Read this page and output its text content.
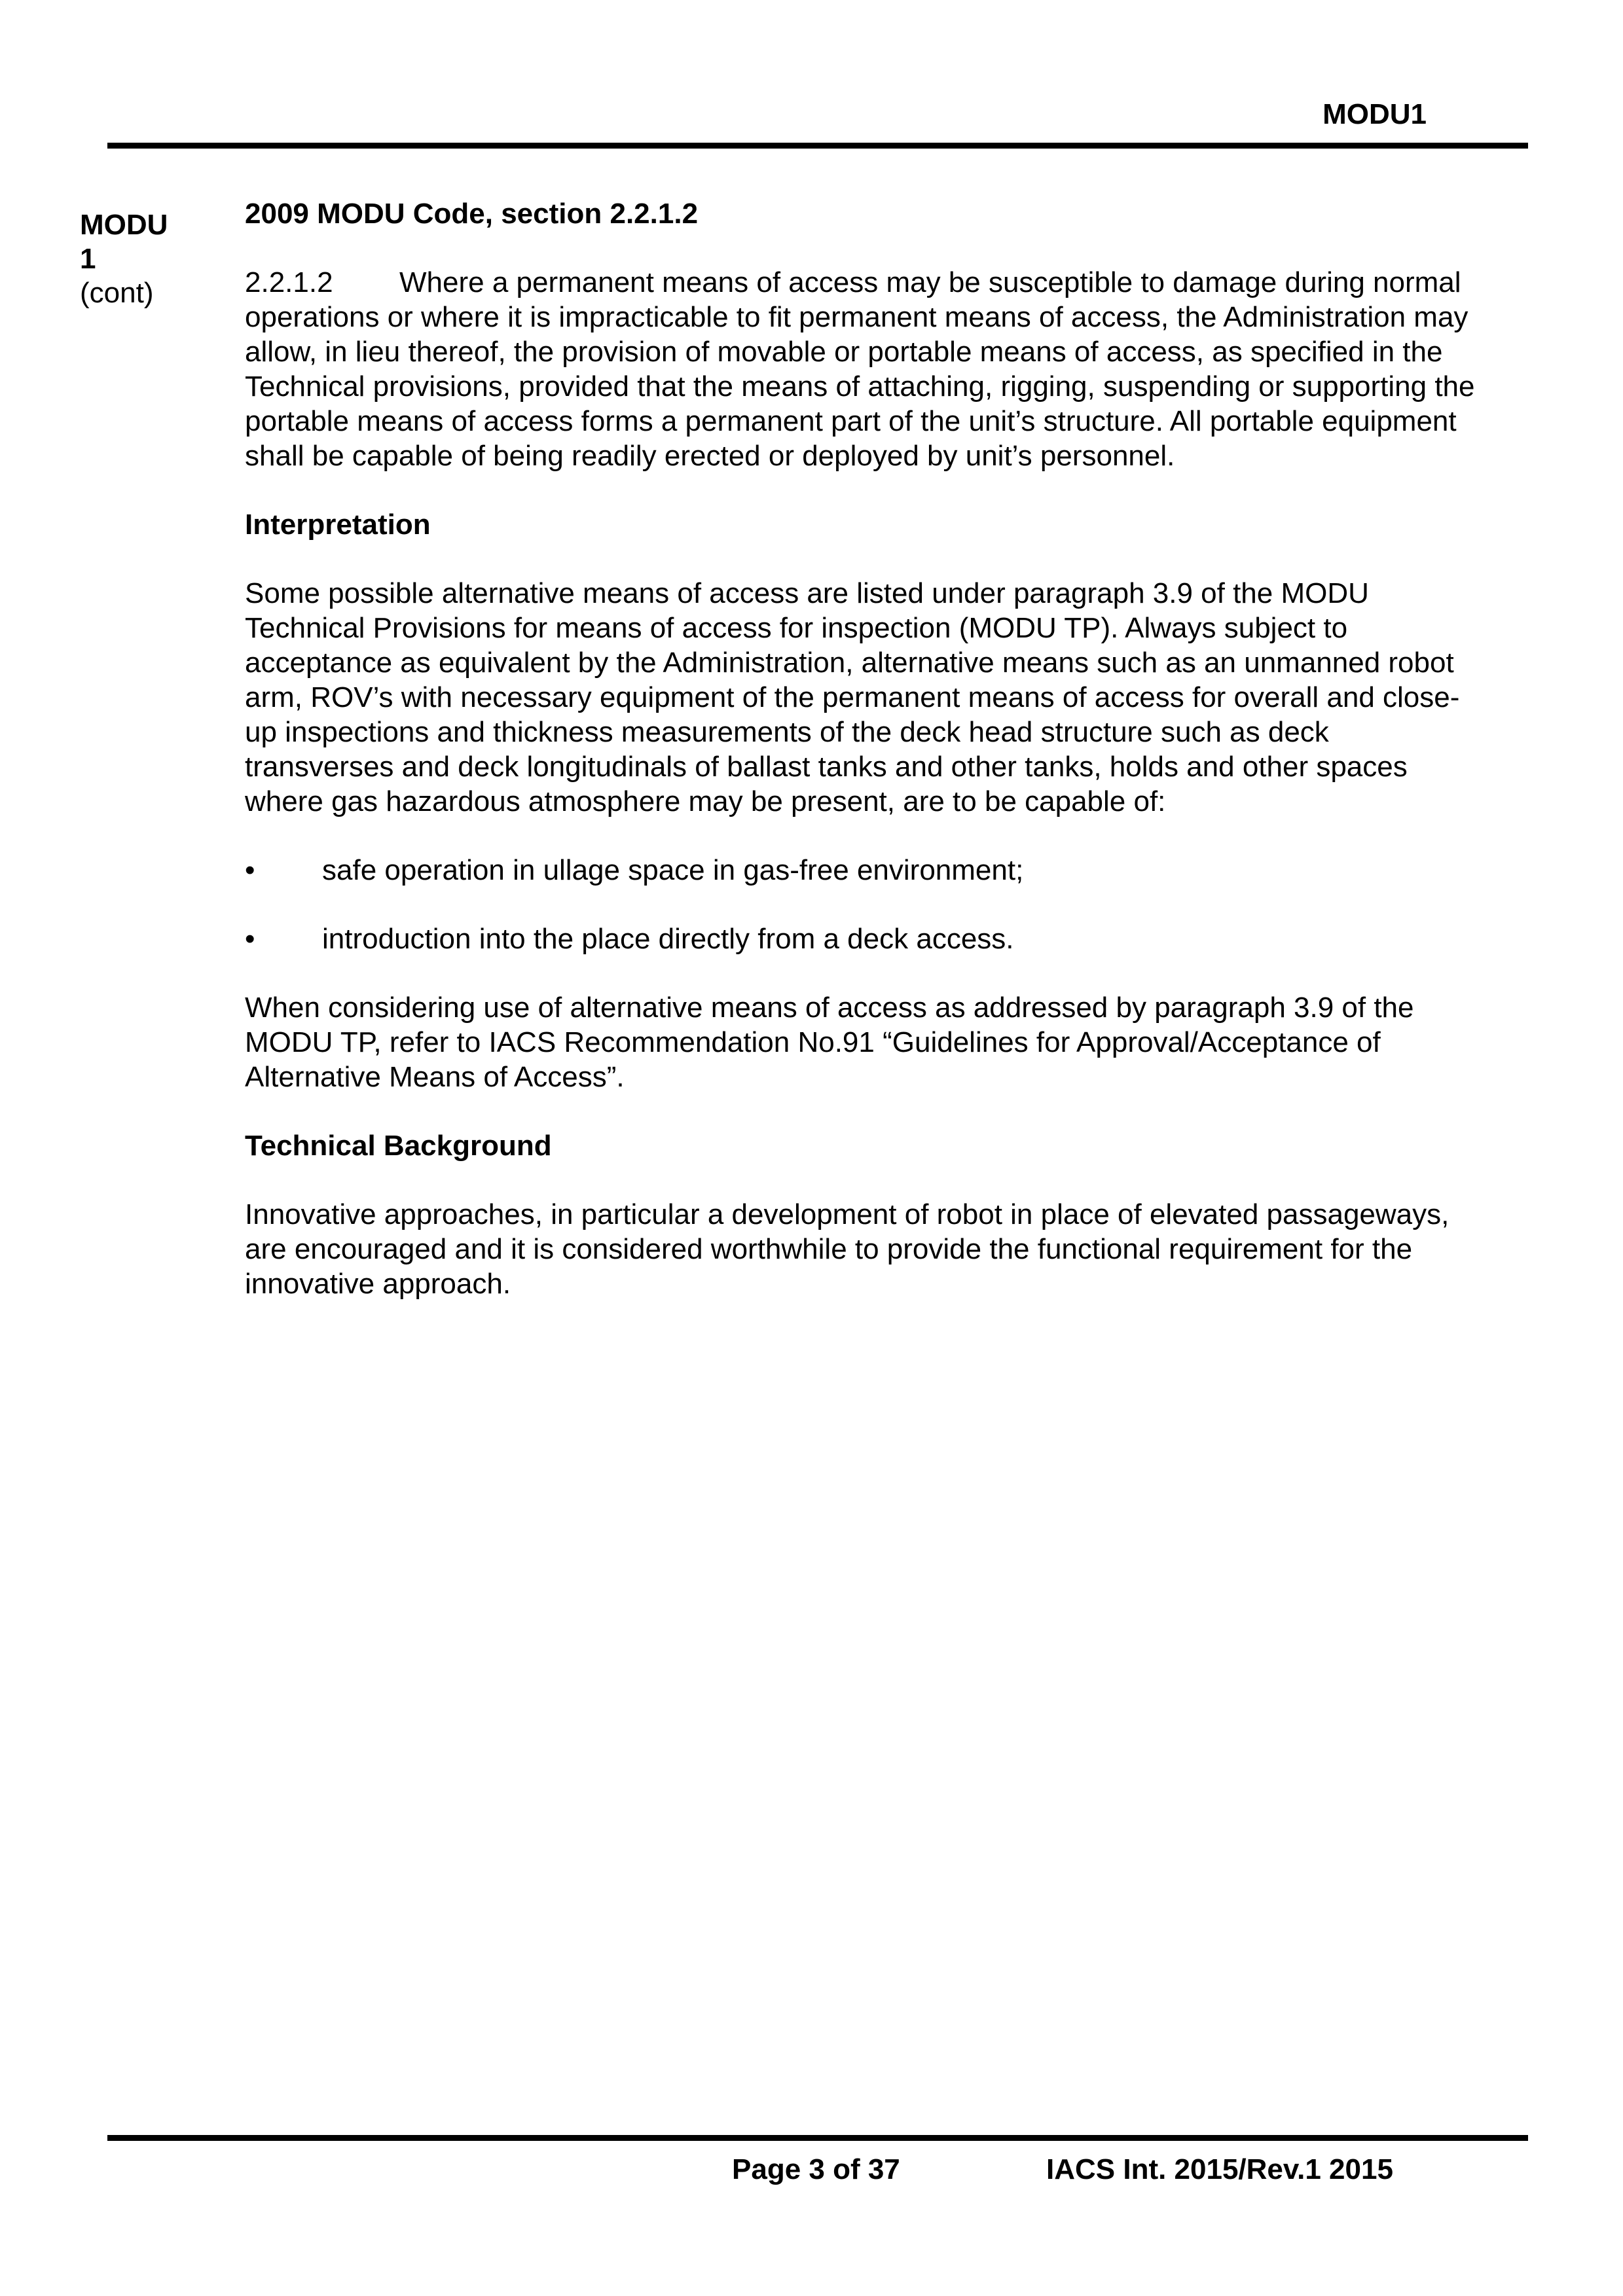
MODU1
MODU
1
(cont)

2009 MODU Code, section 2.2.1.2

2.2.1.2 Where a permanent means of access may be susceptible to damage during normal operations or where it is impracticable to fit permanent means of access, the Administration may allow, in lieu thereof, the provision of movable or portable means of access, as specified in the Technical provisions, provided that the means of attaching, rigging, suspending or supporting the portable means of access forms a permanent part of the unit’s structure. All portable equipment shall be capable of being readily erected or deployed by unit’s personnel.

Interpretation

Some possible alternative means of access are listed under paragraph 3.9 of the MODU Technical Provisions for means of access for inspection (MODU TP). Always subject to acceptance as equivalent by the Administration, alternative means such as an unmanned robot arm, ROV’s with necessary equipment of the permanent means of access for overall and close-up inspections and thickness measurements of the deck head structure such as deck transverses and deck longitudinals of ballast tanks and other tanks, holds and other spaces where gas hazardous atmosphere may be present, are to be capable of:

•	safe operation in ullage space in gas-free environment;
•	introduction into the place directly from a deck access.

When considering use of alternative means of access as addressed by paragraph 3.9 of the MODU TP, refer to IACS Recommendation No.91 “Guidelines for Approval/Acceptance of Alternative Means of Access”.

Technical Background

Innovative approaches, in particular a development of robot in place of elevated passageways, are encouraged and it is considered worthwhile to provide the functional requirement for the innovative approach.

Page 3 of 37	IACS Int. 2015/Rev.1 2015
